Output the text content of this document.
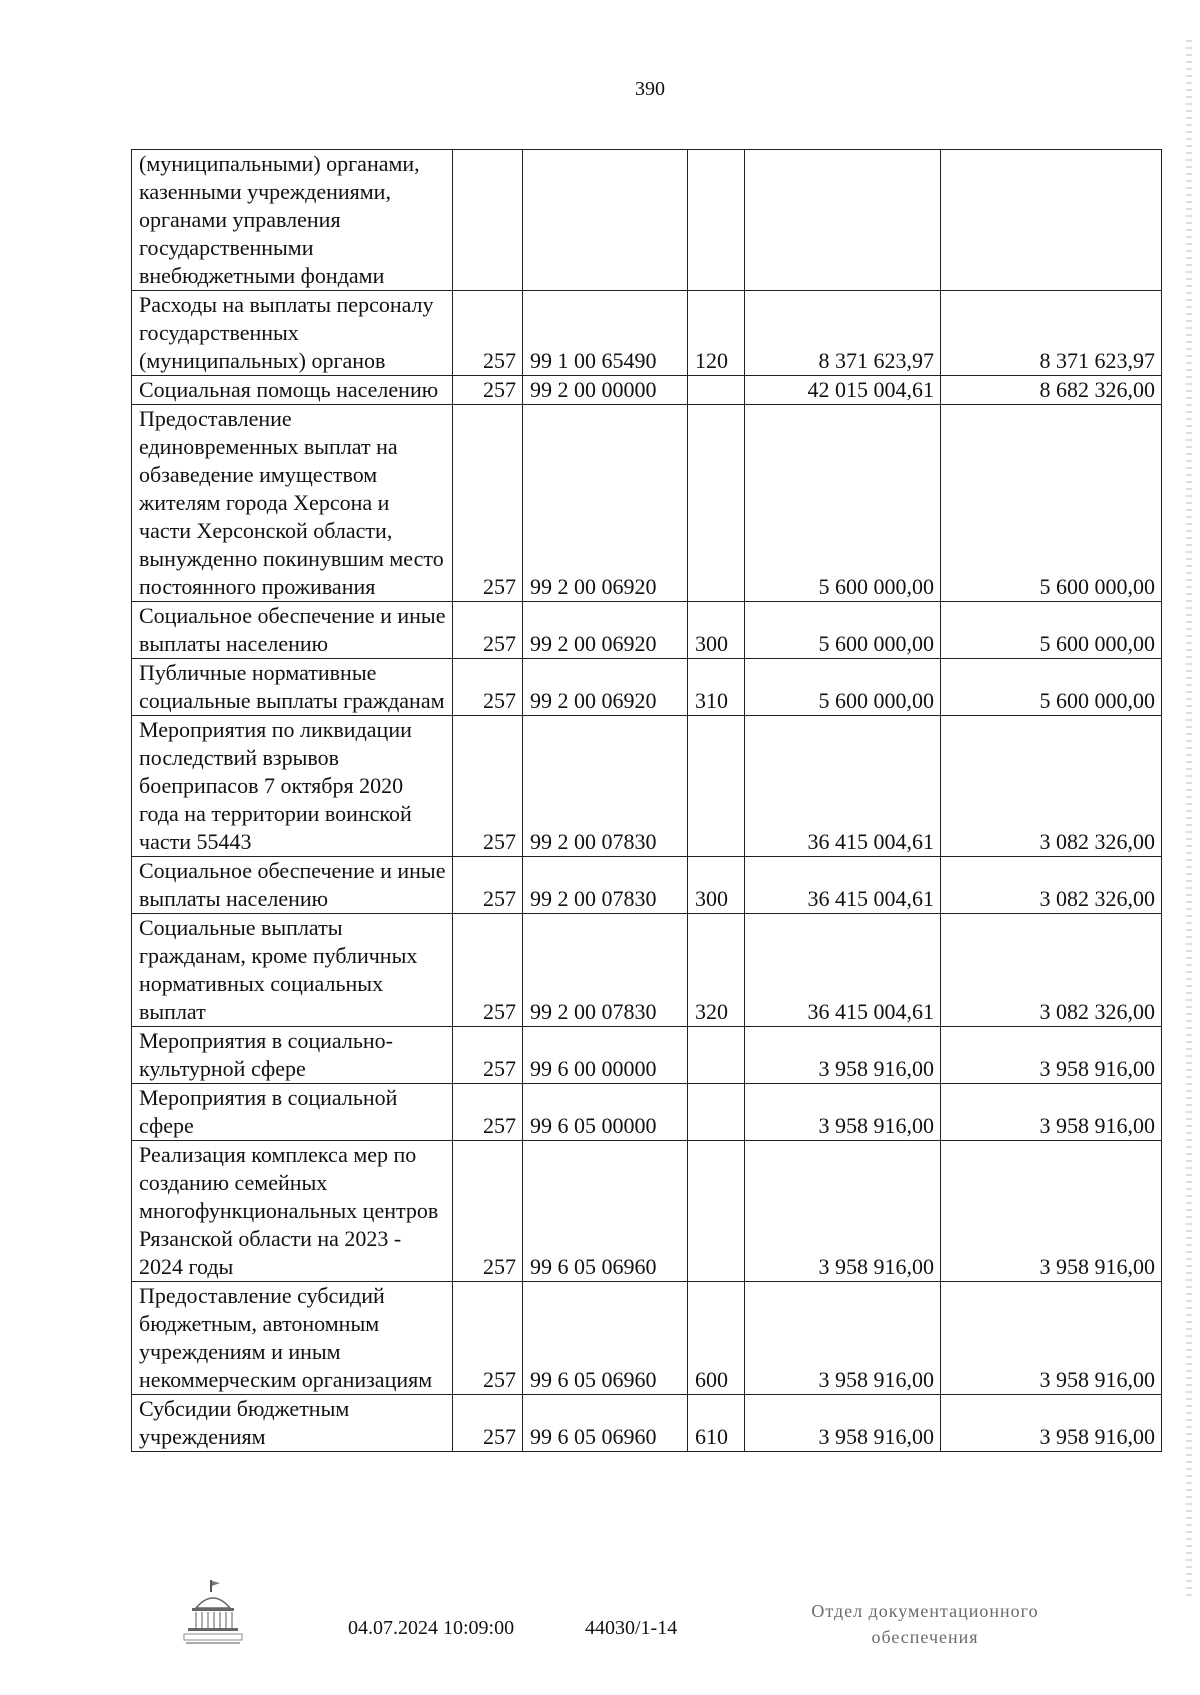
390
(муниципальными) органами, казенными учреждениями, органами управления государственными внебюджетными фондами					
Расходы на выплаты персоналу государственных (муниципальных) органов	257	99 1 00 65490	120	8 371 623,97	8 371 623,97
Социальная помощь населению	257	99 2 00 00000		42 015 004,61	8 682 326,00
Предоставление единовременных выплат на обзаведение имуществом жителям города Херсона и части Херсонской области, вынужденно покинувшим место постоянного проживания	257	99 2 00 06920		5 600 000,00	5 600 000,00
Социальное обеспечение и иные выплаты населению	257	99 2 00 06920	300	5 600 000,00	5 600 000,00
Публичные нормативные социальные выплаты гражданам	257	99 2 00 06920	310	5 600 000,00	5 600 000,00
Мероприятия по ликвидации последствий взрывов боеприпасов 7 октября 2020 года на территории воинской части 55443	257	99 2 00 07830		36 415 004,61	3 082 326,00
Социальное обеспечение и иные выплаты населению	257	99 2 00 07830	300	36 415 004,61	3 082 326,00
Социальные выплаты гражданам, кроме публичных нормативных социальных выплат	257	99 2 00 07830	320	36 415 004,61	3 082 326,00
Мероприятия в социально-культурной сфере	257	99 6 00 00000		3 958 916,00	3 958 916,00
Мероприятия в социальной сфере	257	99 6 05 00000		3 958 916,00	3 958 916,00
Реализация комплекса мер по созданию семейных многофункциональных центров Рязанской области на 2023 - 2024 годы	257	99 6 05 06960		3 958 916,00	3 958 916,00
Предоставление субсидий бюджетным, автономным учреждениям и иным некоммерческим организациям	257	99 6 05 06960	600	3 958 916,00	3 958 916,00
Субсидии бюджетным учреждениям	257	99 6 05 06960	610	3 958 916,00	3 958 916,00
04.07.2024 10:09:00	44030/1-14
Отдел документационного
обеспечения
